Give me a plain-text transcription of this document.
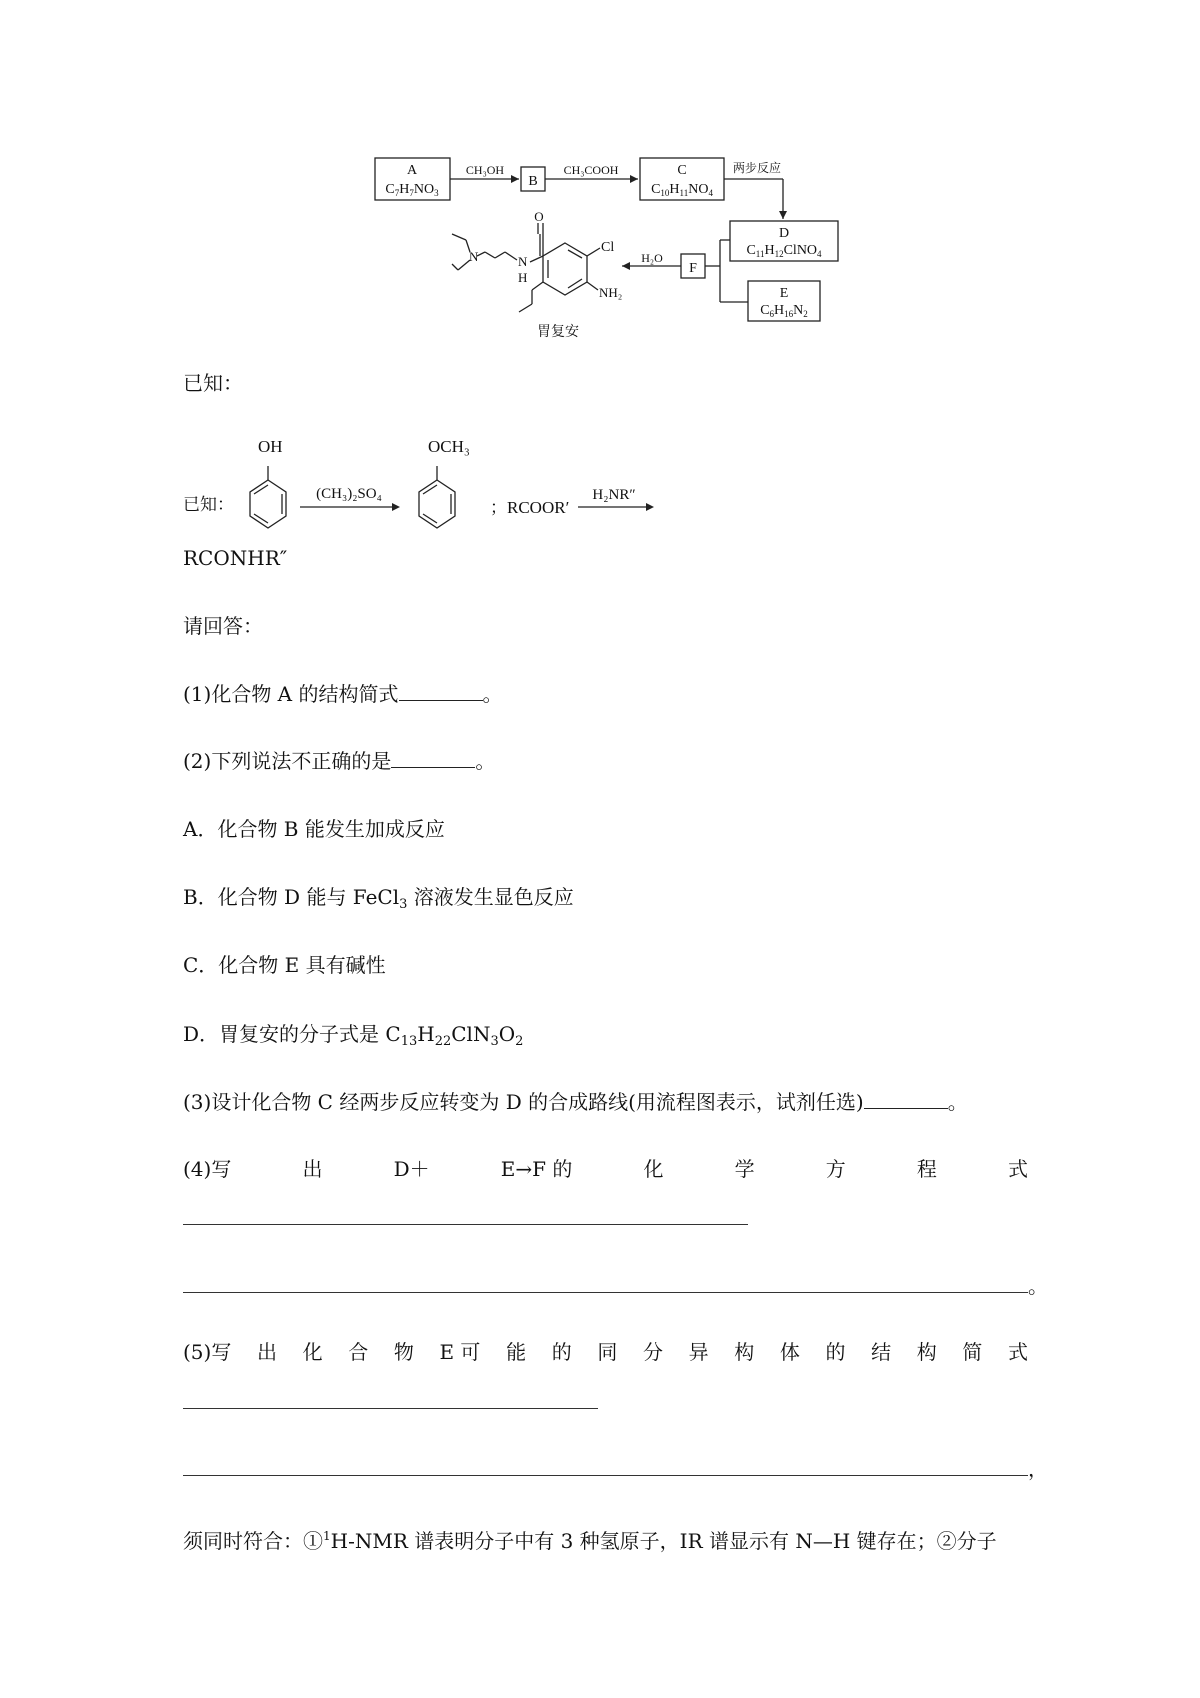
A
$C_7H_7NO_3$
CH₃OH
B
CH₃COOH	C
$C_{10}H_{11}NO_4$
两步反应
D
$C_{11}H_{12}ClNO_4$
F
H₂O
E
$C_6H_{16}N_2$
O
Cl
NH₂
N
H
N
胃复安
已知：
已知：
OH
(CH₃)₂SO₄
OCH₃
；RCOOR′
H₂NR″
RCONHR″
请回答：
(1)化合物 A 的结构简式	。
(2)下列说法不正确的是	。
A．化合物 B 能发生加成反应
B．化合物 D 能与 FeCl$_3$ 溶液发生显色反应
C．化合物 E 具有碱性
D．胃复安的分子式是 $C_{13}H_{22}ClN_3O_2$
(3)设计化合物 C 经两步反应转变为 D 的合成路线(用流程图表示，试剂任选)	。
(4)写	出	D＋	E→F 的	化	学	方	程	式
。
(5)写 出 化 合 物 E 可 能 的 同 分 异 构 体 的 结 构 简 式
，
须同时符合：①$^1$H-NMR 谱表明分子中有 3 种氢原子，IR 谱显示有 N—H 键存在；②分子
